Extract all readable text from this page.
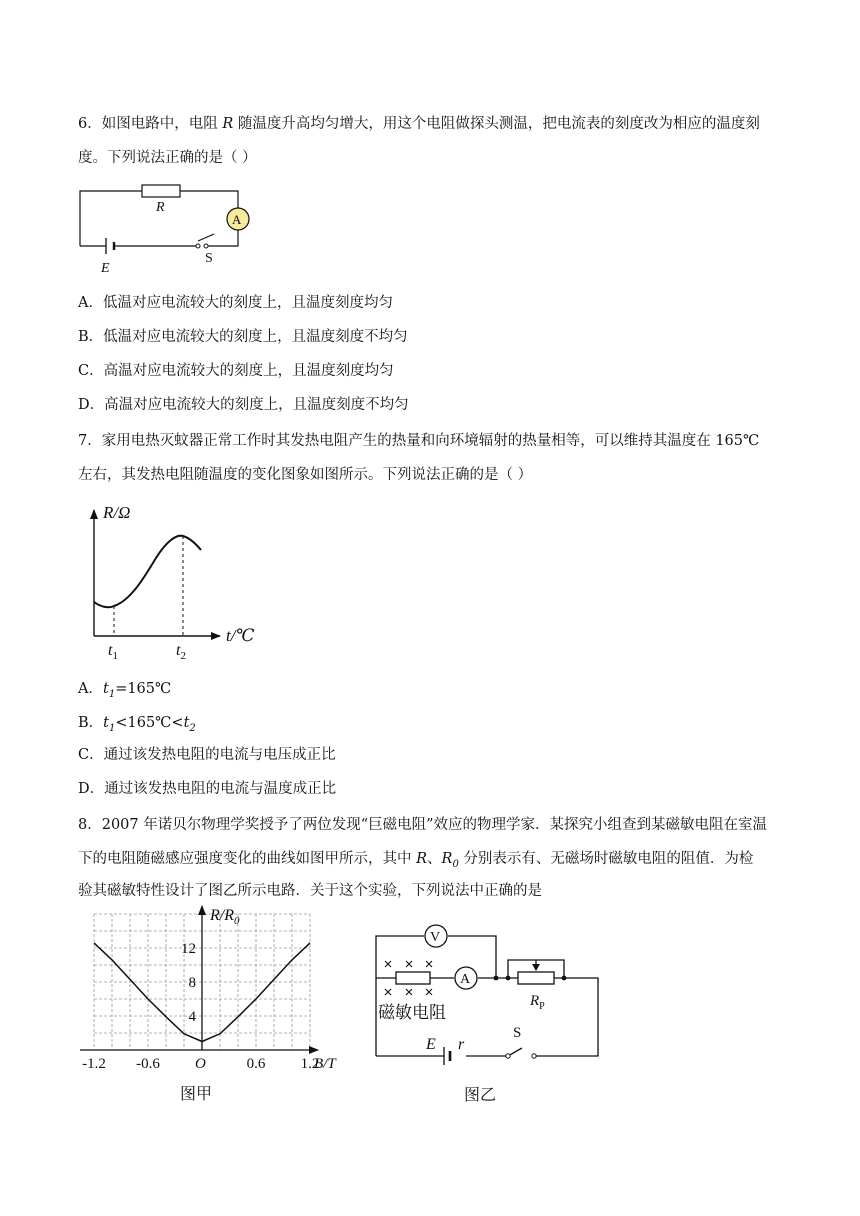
6．如图电路中，电阻 R 随温度升高均匀增大，用这个电阻做探头测温，把电流表的刻度改为相应的温度刻
度。下列说法正确的是（ ）
R
A
E
S
A．低温对应电流较大的刻度上，且温度刻度均匀
B．低温对应电流较大的刻度上，且温度刻度不均匀
C．高温对应电流较大的刻度上，且温度刻度均匀
D．高温对应电流较大的刻度上，且温度刻度不均匀
7．家用电热灭蚊器正常工作时其发热电阻产生的热量和向环境辐射的热量相等，可以维持其温度在 165℃
左右，其发热电阻随温度的变化图象如图所示。下列说法正确的是（ ）
R/Ω
t/℃
$t_1$	$t_2$
A．$t_1=165℃$
B．$t_1<165℃<t_2$
C．通过该发热电阻的电流与电压成正比
D．通过该发热电阻的电流与温度成正比
8．2007 年诺贝尔物理学奖授予了两位发现“巨磁电阻”效应的物理学家．某探究小组查到某磁敏电阻在室温
下的电阻随磁感应强度变化的曲线如图甲所示，其中 R、$R_0$ 分别表示有、无磁场时磁敏电阻的阻值．为检
验其磁敏特性设计了图乙所示电路．关于这个实验，下列说法中正确的是
-1.2 -0.6	0.6 1.2
4
8
12
$R/R_0$
B/T
O
图甲
V
A
$R_P$
磁敏电阻
E r
S
图乙
